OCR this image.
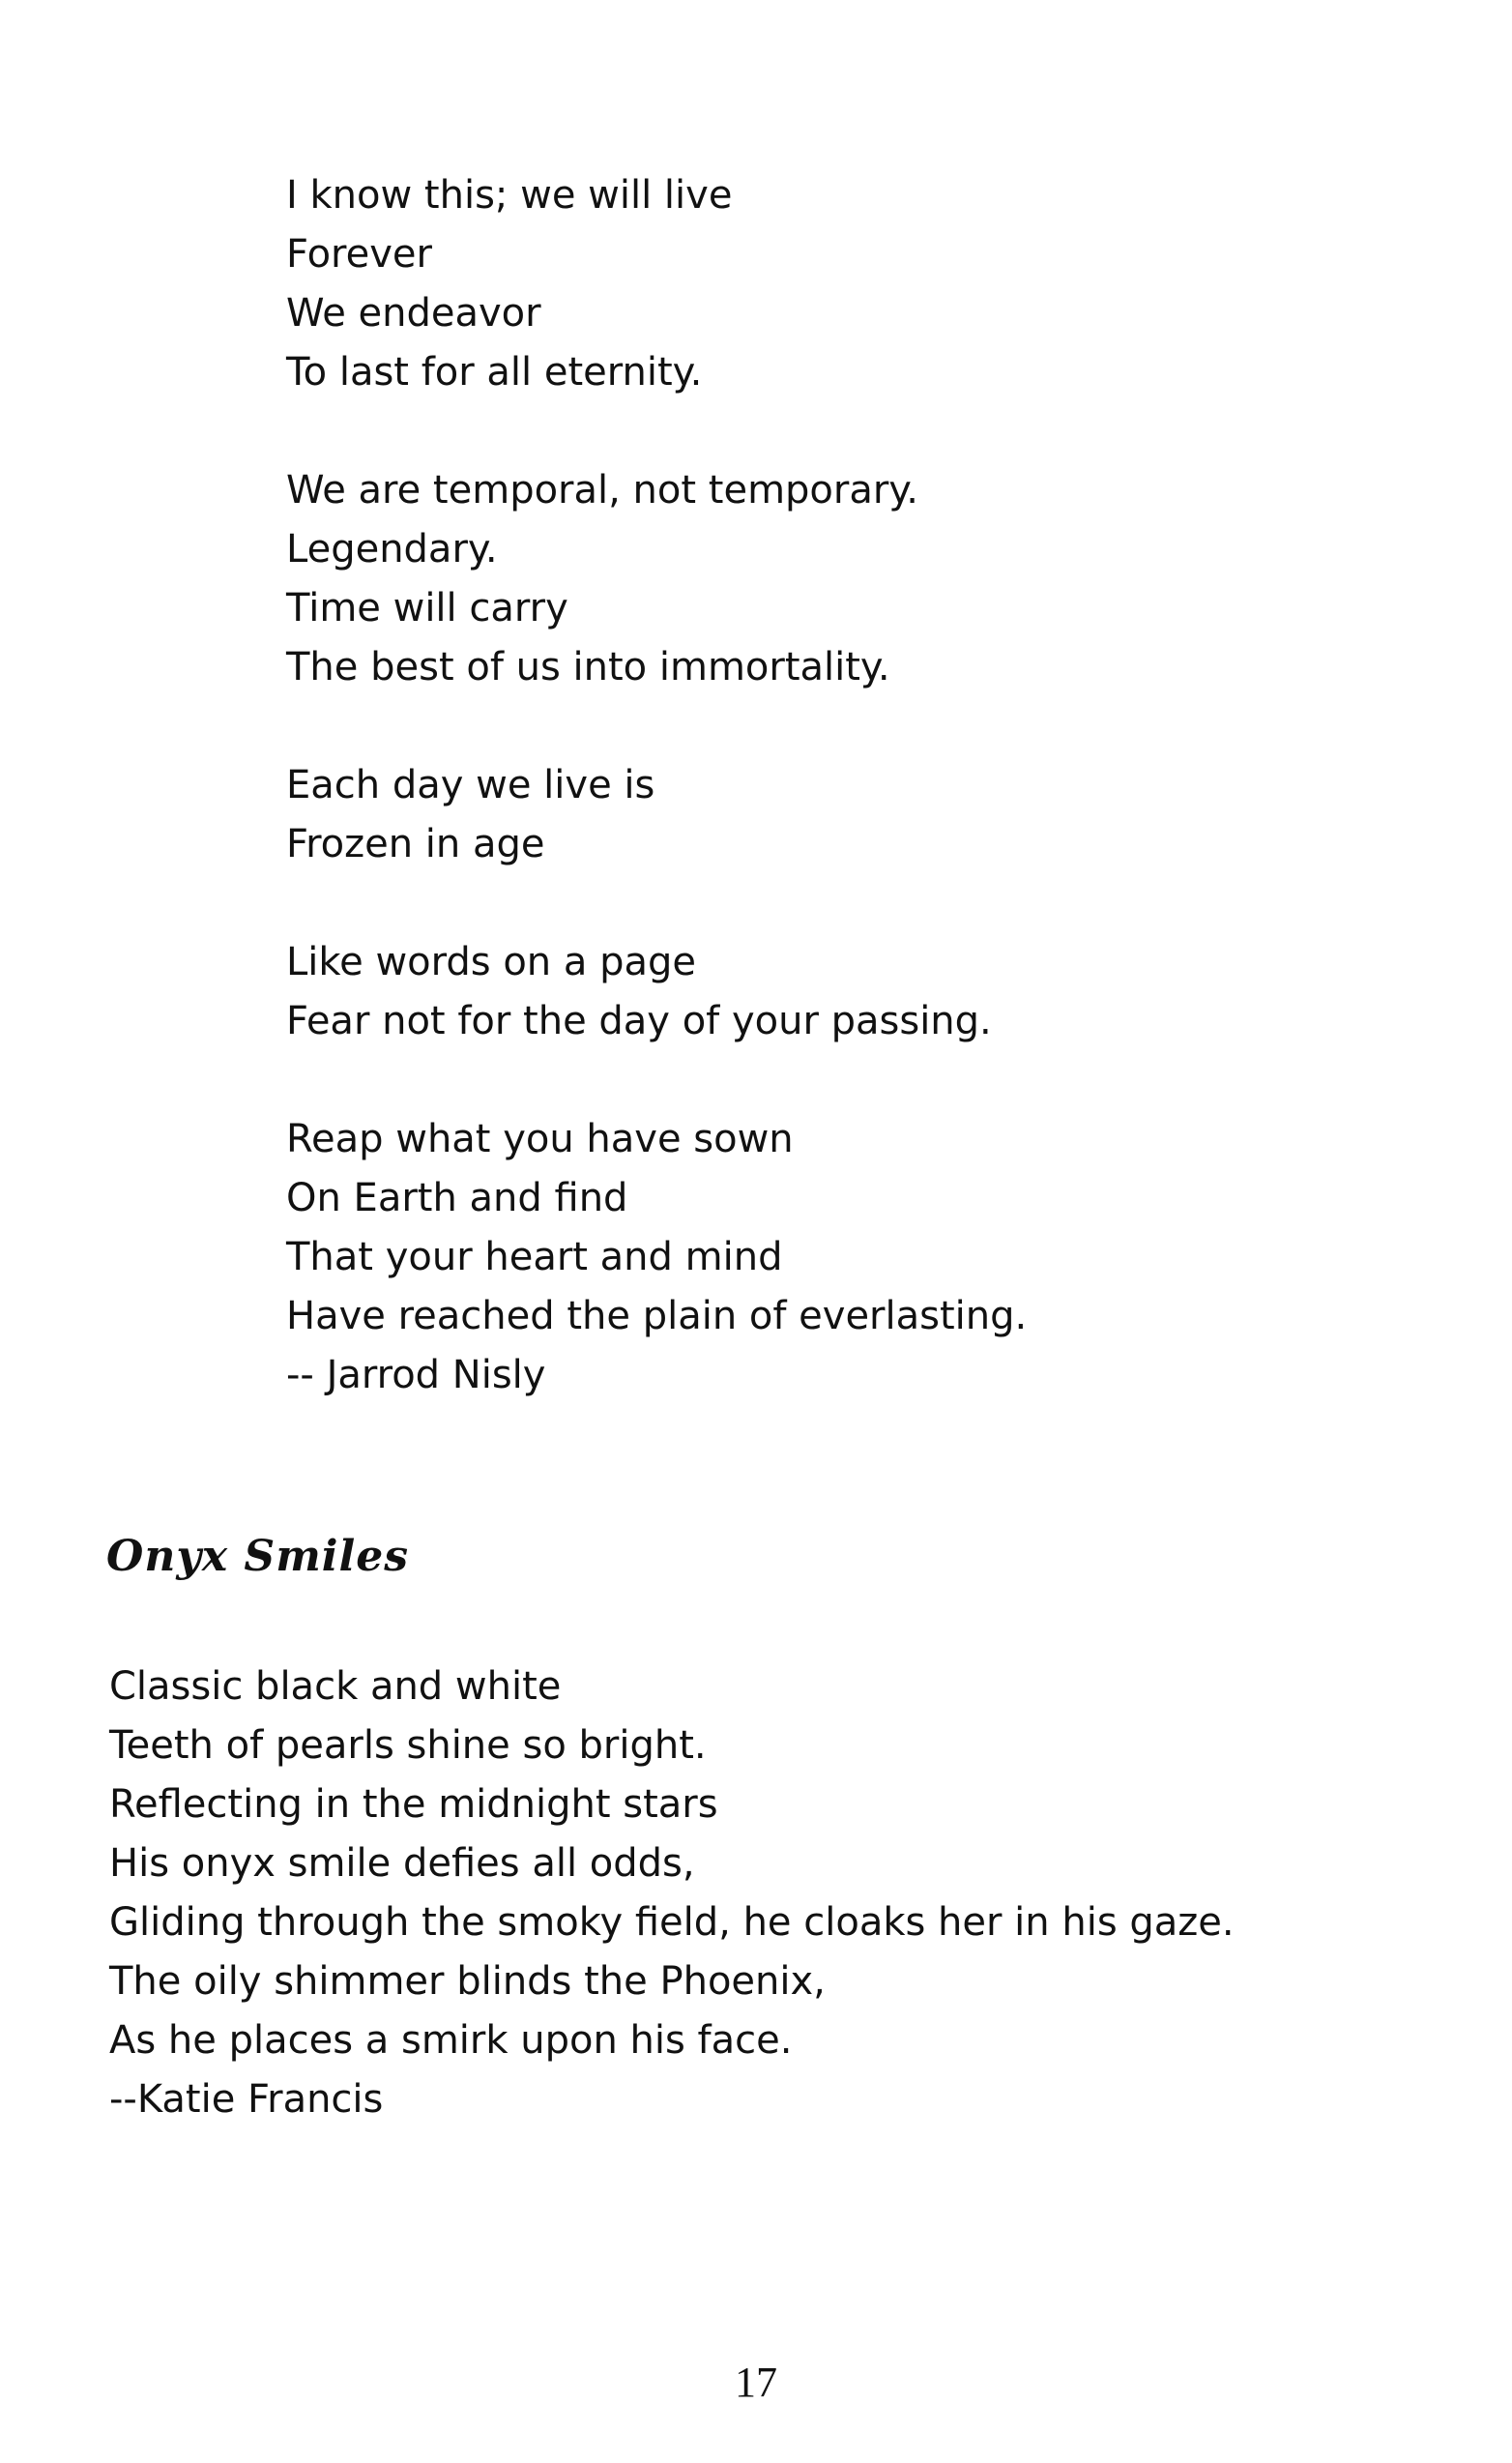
I know this; we will live
Forever
We endeavor
To last for all eternity.
We are temporal, not temporary.
Legendary.
Time will carry
The best of us into immortality.
Each day we live is
Frozen in age
Like words on a page
Fear not for the day of your passing.
Reap what you have sown
On Earth and find
That your heart and mind
Have reached the plain of everlasting.
-- Jarrod Nisly
Onyx Smiles
Classic black and white
Teeth of pearls shine so bright.
Reflecting in the midnight stars
His onyx smile defies all odds,
Gliding through the smoky field, he cloaks her in his gaze.
The oily shimmer blinds the Phoenix,
As he places a smirk upon his face.
--Katie Francis
17
